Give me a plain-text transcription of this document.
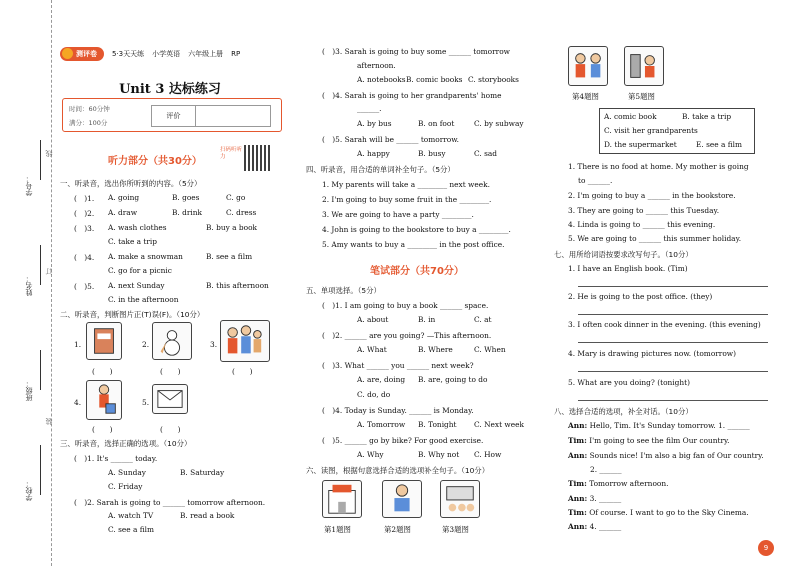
学号：
姓名：
班级：
学校：
线
订
装
测评卷	5·3天天练 小学英语 六年级上册 RP
Unit 3 达标练习
时间：60分钟
满分：100分
评价
听力部分（共30分）
扫码听听力
一、听录音，选出你所听到的内容。（5分）
(　)1. A. going	B. goes	C. go
(　)2. A. draw	B. drink	C. dress
(　)3. A. wash clothes	B. buy a book
C. take a trip
(　)4. A. make a snowman	B. see a film
C. go for a picnic
(　)5. A. next Sunday	B. this afternoon
C. in the afternoon
二、听录音，判断图片正(T)误(F)。（10分）
1.
(　　)
2.
(　　)
3.
(　　)
4.
(　　)
5.
(　　)
三、听录音，选择正确的选项。（10分）
(　)1. It's ______ today.
A. Sunday	B. Saturday
C. Friday
(　)2. Sarah is going to ______ tomorrow afternoon.
A. watch TV	B. read a book
C. see a film
(　)3. Sarah is going to buy some ______ tomorrow
afternoon.
A. notebooks B. comic books C. storybooks
(　)4. Sarah is going to her grandparents' home
______.
A. by bus	B. on foot	C. by subway
(　)5. Sarah will be ______ tomorrow.
A. happy	B. busy	C. sad
四、听录音，用合适的单词补全句子。（5分）
1. My parents will take a ________ next week.
2. I'm going to buy some fruit in the ________.
3. We are going to have a party ________.
4. John is going to the bookstore to buy a ________.
5. Amy wants to buy a ________ in the post office.
笔试部分（共70分）
五、单项选择。（5分）
(　)1. I am going to buy a book ______ space.
A. about	B. in	C. at
(　)2. ______ are you going? —This afternoon.
A. What	B. Where	C. When
(　)3. What ______ you ______ next week?
A. are, doing B. are, going to do
C. do, do
(　)4. Today is Sunday. ______ is Monday.
A. Tomorrow B. Tonight C. Next week
(　)5. ______ go by bike? For good exercise.
A. Why	B. Why not C. How
六、读图，根据句意选择合适的选项补全句子。（10分）
第1题图	第2题图	第3题图
第4题图	第5题图
A. comic book	B. take a trip
C. visit her grandparents
D. the supermarket	E. see a film
1. There is no food at home. My mother is going
to ______.
2. I'm going to buy a ______ in the bookstore.
3. They are going to ______ this Tuesday.
4. Linda is going to ______ this evening.
5. We are going to ______ this summer holiday.
七、用所给词语按要求改写句子。（10分）
1. I have an English book. (Tim)
2. He is going to the post office. (they)
3. I often cook dinner in the evening. (this evening)
4. Mary is drawing pictures now. (tomorrow)
5. What are you doing? (tonight)
八、选择合适的选项，补全对话。（10分）
Ann: Hello, Tim. It's Sunday tomorrow. 1. ______
Tim: I'm going to see the film Our country.
Ann: Sounds nice! I'm also a big fan of Our country.
2. ______
Tim: Tomorrow afternoon.
Ann: 3. ______
Tim: Of course. I want to go to the Sky Cinema.
Ann: 4. ______
9
